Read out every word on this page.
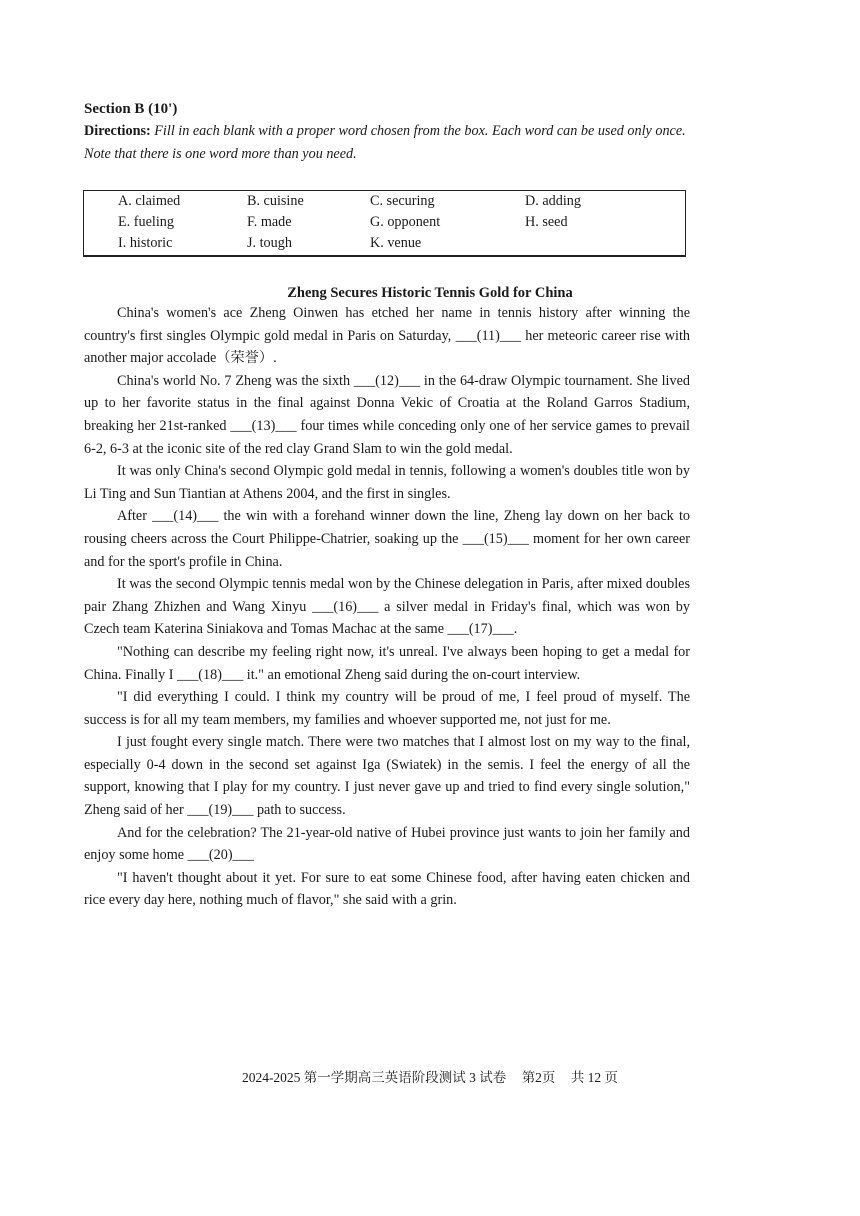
Section B (10')
Directions: Fill in each blank with a proper word chosen from the box. Each word can be used only once. Note that there is one word more than you need.
A. claimed	B. cuisine	C. securing	D. adding
E. fueling	F. made	G. opponent	H. seed
I. historic	J. tough	K. venue
Zheng Secures Historic Tennis Gold for China

China's women's ace Zheng Oinwen has etched her name in tennis history after winning the country's first singles Olympic gold medal in Paris on Saturday, ___(11)___ her meteoric career rise with another major accolade（荣誉）.

China's world No. 7 Zheng was the sixth ___(12)___ in the 64-draw Olympic tournament. She lived up to her favorite status in the final against Donna Vekic of Croatia at the Roland Garros Stadium, breaking her 21st-ranked ___(13)___ four times while conceding only one of her service games to prevail 6-2, 6-3 at the iconic site of the red clay Grand Slam to win the gold medal.

It was only China's second Olympic gold medal in tennis, following a women's doubles title won by Li Ting and Sun Tiantian at Athens 2004, and the first in singles.

After ___(14)___ the win with a forehand winner down the line, Zheng lay down on her back to rousing cheers across the Court Philippe-Chatrier, soaking up the ___(15)___ moment for her own career and for the sport's profile in China.

It was the second Olympic tennis medal won by the Chinese delegation in Paris, after mixed doubles pair Zhang Zhizhen and Wang Xinyu ___(16)___ a silver medal in Friday's final, which was won by Czech team Katerina Siniakova and Tomas Machac at the same ___(17)___.

"Nothing can describe my feeling right now, it's unreal. I've always been hoping to get a medal for China. Finally I ___(18)___ it." an emotional Zheng said during the on-court interview.

"I did everything I could. I think my country will be proud of me, I feel proud of myself. The success is for all my team members, my families and whoever supported me, not just for me.

I just fought every single match. There were two matches that I almost lost on my way to the final, especially 0-4 down in the second set against Iga (Swiatek) in the semis. I feel the energy of all the support, knowing that I play for my country. I just never gave up and tried to find every single solution," Zheng said of her ___(19)___ path to success.

And for the celebration? The 21-year-old native of Hubei province just wants to join her family and enjoy some home ___(20)___

"I haven't thought about it yet. For sure to eat some Chinese food, after having eaten chicken and rice every day here, nothing much of flavor," she said with a grin.

2024-2025 第一学期高三英语阶段测试 3 试卷 第2页 共 12 页
